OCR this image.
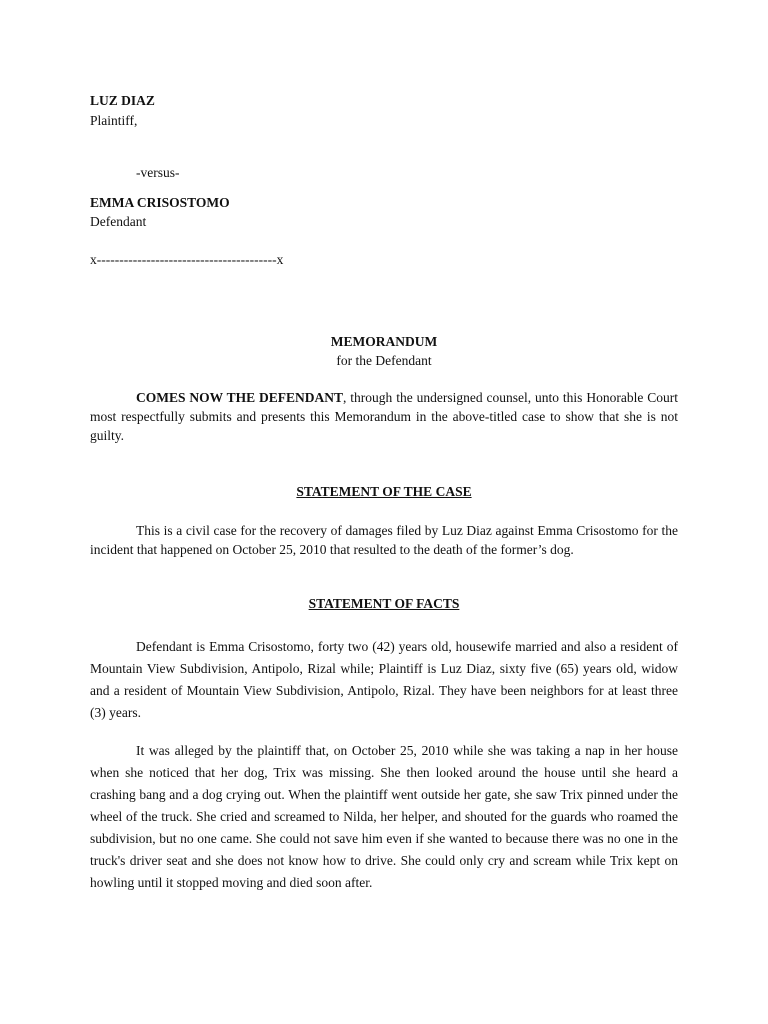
LUZ DIAZ
Plaintiff,
-versus-
EMMA CRISOSTOMO
Defendant
x----------------------------------------x
MEMORANDUM
for the Defendant
COMES NOW THE DEFENDANT, through the undersigned counsel, unto this Honorable Court most respectfully submits and presents this Memorandum in the above-titled case to show that she is not guilty.
STATEMENT OF THE CASE
This is a civil case for the recovery of damages filed by Luz Diaz against Emma Crisostomo for the incident that happened on October 25, 2010 that resulted to the death of the former’s dog.
STATEMENT OF FACTS
Defendant is Emma Crisostomo, forty two (42) years old, housewife married and also a resident of Mountain View Subdivision, Antipolo, Rizal while; Plaintiff is Luz Diaz, sixty five (65) years old, widow and a resident of Mountain View Subdivision, Antipolo, Rizal. They have been neighbors for at least three (3) years.
It was alleged by the plaintiff that, on October 25, 2010 while she was taking a nap in her house when she noticed that her dog, Trix was missing. She then looked around the house until she heard a crashing bang and a dog crying out. When the plaintiff went outside her gate, she saw Trix pinned under the wheel of the truck. She cried and screamed to Nilda, her helper, and shouted for the guards who roamed the subdivision, but no one came. She could not save him even if she wanted to because there was no one in the truck's driver seat and she does not know how to drive. She could only cry and scream while Trix kept on howling until it stopped moving and died soon after.
